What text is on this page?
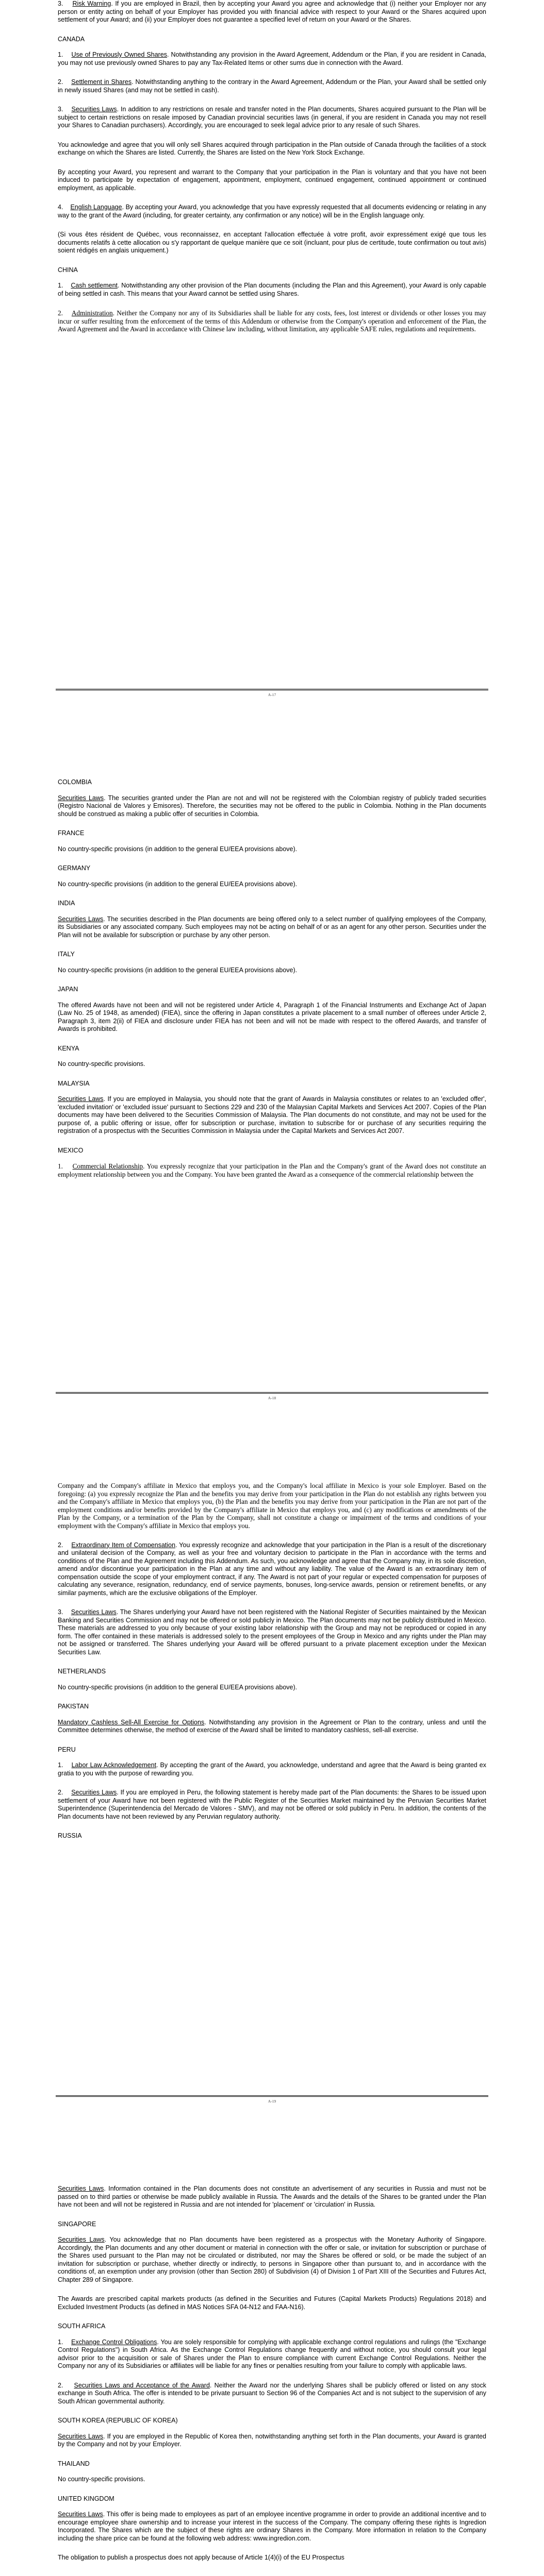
3. Risk Warning. If you are employed in Brazil, then by accepting your Award you agree and acknowledge that (i) neither your Employer nor any person or entity acting on behalf of your Employer has provided you with financial advice with respect to your Award or the Shares acquired upon settlement of your Award; and (ii) your Employer does not guarantee a specified level of return on your Award or the Shares.

CANADA

1. Use of Previously Owned Shares. Notwithstanding any provision in the Award Agreement, Addendum or the Plan, if you are resident in Canada, you may not use previously owned Shares to pay any Tax-Related Items or other sums due in connection with the Award.

2. Settlement in Shares. Notwithstanding anything to the contrary in the Award Agreement, Addendum or the Plan, your Award shall be settled only in newly issued Shares (and may not be settled in cash).

3. Securities Laws. In addition to any restrictions on resale and transfer noted in the Plan documents, Shares acquired pursuant to the Plan will be subject to certain restrictions on resale imposed by Canadian provincial securities laws (in general, if you are resident in Canada you may not resell your Shares to Canadian purchasers). Accordingly, you are encouraged to seek legal advice prior to any resale of such Shares.

You acknowledge and agree that you will only sell Shares acquired through participation in the Plan outside of Canada through the facilities of a stock exchange on which the Shares are listed. Currently, the Shares are listed on the New York Stock Exchange.

By accepting your Award, you represent and warrant to the Company that your participation in the Plan is voluntary and that you have not been induced to participate by expectation of engagement, appointment, employment, continued engagement, continued appointment or continued employment, as applicable.

4. English Language. By accepting your Award, you acknowledge that you have expressly requested that all documents evidencing or relating in any way to the grant of the Award (including, for greater certainty, any confirmation or any notice) will be in the English language only.

(Si vous êtes résident de Québec, vous reconnaissez, en acceptant l'allocation effectuée à votre profit, avoir expressément exigé que tous les documents relatifs à cette allocation ou s'y rapportant de quelque manière que ce soit (incluant, pour plus de certitude, toute confirmation ou tout avis) soient rédigés en anglais uniquement.)

CHINA

1. Cash settlement. Notwithstanding any other provision of the Plan documents (including the Plan and this Agreement), your Award is only capable of being settled in cash. This means that your Award cannot be settled using Shares.

2. Administration. Neither the Company nor any of its Subsidiaries shall be liable for any costs, fees, lost interest or dividends or other losses you may incur or suffer resulting from the enforcement of the terms of this Addendum or otherwise from the Company's operation and enforcement of the Plan, the Award Agreement and the Award in accordance with Chinese law including, without limitation, any applicable SAFE rules, regulations and requirements.

A-17

COLOMBIA

Securities Laws. The securities granted under the Plan are not and will not be registered with the Colombian registry of publicly traded securities (Registro Nacional de Valores y Emisores). Therefore, the securities may not be offered to the public in Colombia. Nothing in the Plan documents should be construed as making a public offer of securities in Colombia.

FRANCE

No country-specific provisions (in addition to the general EU/EEA provisions above).

GERMANY

No country-specific provisions (in addition to the general EU/EEA provisions above).

INDIA

Securities Laws. The securities described in the Plan documents are being offered only to a select number of qualifying employees of the Company, its Subsidiaries or any associated company. Such employees may not be acting on behalf of or as an agent for any other person. Securities under the Plan will not be available for subscription or purchase by any other person.

ITALY

No country-specific provisions (in addition to the general EU/EEA provisions above).

JAPAN

The offered Awards have not been and will not be registered under Article 4, Paragraph 1 of the Financial Instruments and Exchange Act of Japan (Law No. 25 of 1948, as amended) (FIEA), since the offering in Japan constitutes a private placement to a small number of offerees under Article 2, Paragraph 3, item 2(ii) of FIEA and disclosure under FIEA has not been and will not be made with respect to the offered Awards, and transfer of Awards is prohibited.

KENYA

No country-specific provisions.

MALAYSIA

Securities Laws. If you are employed in Malaysia, you should note that the grant of Awards in Malaysia constitutes or relates to an 'excluded offer', 'excluded invitation' or 'excluded issue' pursuant to Sections 229 and 230 of the Malaysian Capital Markets and Services Act 2007. Copies of the Plan documents may have been delivered to the Securities Commission of Malaysia. The Plan documents do not constitute, and may not be used for the purpose of, a public offering or issue, offer for subscription or purchase, invitation to subscribe for or purchase of any securities requiring the registration of a prospectus with the Securities Commission in Malaysia under the Capital Markets and Services Act 2007.

MEXICO

1. Commercial Relationship. You expressly recognize that your participation in the Plan and the Company's grant of the Award does not constitute an employment relationship between you and the Company. You have been granted the Award as a consequence of the commercial relationship between the

A-18

Company and the Company's affiliate in Mexico that employs you, and the Company's local affiliate in Mexico is your sole Employer. Based on the foregoing: (a) you expressly recognize the Plan and the benefits you may derive from your participation in the Plan do not establish any rights between you and the Company's affiliate in Mexico that employs you, (b) the Plan and the benefits you may derive from your participation in the Plan are not part of the employment conditions and/or benefits provided by the Company's affiliate in Mexico that employs you, and (c) any modifications or amendments of the Plan by the Company, or a termination of the Plan by the Company, shall not constitute a change or impairment of the terms and conditions of your employment with the Company's affiliate in Mexico that employs you.

2. Extraordinary Item of Compensation. You expressly recognize and acknowledge that your participation in the Plan is a result of the discretionary and unilateral decision of the Company, as well as your free and voluntary decision to participate in the Plan in accordance with the terms and conditions of the Plan and the Agreement including this Addendum. As such, you acknowledge and agree that the Company may, in its sole discretion, amend and/or discontinue your participation in the Plan at any time and without any liability. The value of the Award is an extraordinary item of compensation outside the scope of your employment contract, if any. The Award is not part of your regular or expected compensation for purposes of calculating any severance, resignation, redundancy, end of service payments, bonuses, long-service awards, pension or retirement benefits, or any similar payments, which are the exclusive obligations of the Employer.

3. Securities Laws. The Shares underlying your Award have not been registered with the National Register of Securities maintained by the Mexican Banking and Securities Commission and may not be offered or sold publicly in Mexico. The Plan documents may not be publicly distributed in Mexico. These materials are addressed to you only because of your existing labor relationship with the Group and may not be reproduced or copied in any form. The offer contained in these materials is addressed solely to the present employees of the Group in Mexico and any rights under the Plan may not be assigned or transferred. The Shares underlying your Award will be offered pursuant to a private placement exception under the Mexican Securities Law.

NETHERLANDS

No country-specific provisions (in addition to the general EU/EEA provisions above).

PAKISTAN

Mandatory Cashless Sell-All Exercise for Options. Notwithstanding any provision in the Agreement or Plan to the contrary, unless and until the Committee determines otherwise, the method of exercise of the Award shall be limited to mandatory cashless, sell-all exercise.

PERU

1. Labor Law Acknowledgement. By accepting the grant of the Award, you acknowledge, understand and agree that the Award is being granted ex gratia to you with the purpose of rewarding you.

2. Securities Laws. If you are employed in Peru, the following statement is hereby made part of the Plan documents: the Shares to be issued upon settlement of your Award have not been registered with the Public Register of the Securities Market maintained by the Peruvian Securities Market Superintendence (Superintendencia del Mercado de Valores - SMV), and may not be offered or sold publicly in Peru. In addition, the contents of the Plan documents have not been reviewed by any Peruvian regulatory authority.

RUSSIA

A-19

Securities Laws. Information contained in the Plan documents does not constitute an advertisement of any securities in Russia and must not be passed on to third parties or otherwise be made publicly available in Russia. The Awards and the details of the Shares to be granted under the Plan have not been and will not be registered in Russia and are not intended for 'placement' or 'circulation' in Russia.

SINGAPORE

Securities Laws. You acknowledge that no Plan documents have been registered as a prospectus with the Monetary Authority of Singapore. Accordingly, the Plan documents and any other document or material in connection with the offer or sale, or invitation for subscription or purchase of the Shares used pursuant to the Plan may not be circulated or distributed, nor may the Shares be offered or sold, or be made the subject of an invitation for subscription or purchase, whether directly or indirectly, to persons in Singapore other than pursuant to, and in accordance with the conditions of, an exemption under any provision (other than Section 280) of Subdivision (4) of Division 1 of Part XIII of the Securities and Futures Act, Chapter 289 of Singapore.

The Awards are prescribed capital markets products (as defined in the Securities and Futures (Capital Markets Products) Regulations 2018) and Excluded Investment Products (as defined in MAS Notices SFA 04-N12 and FAA-N16).

SOUTH AFRICA

1. Exchange Control Obligations. You are solely responsible for complying with applicable exchange control regulations and rulings (the "Exchange Control Regulations") in South Africa. As the Exchange Control Regulations change frequently and without notice, you should consult your legal advisor prior to the acquisition or sale of Shares under the Plan to ensure compliance with current Exchange Control Regulations. Neither the Company nor any of its Subsidiaries or affiliates will be liable for any fines or penalties resulting from your failure to comply with applicable laws.

2. Securities Laws and Acceptance of the Award. Neither the Award nor the underlying Shares shall be publicly offered or listed on any stock exchange in South Africa. The offer is intended to be private pursuant to Section 96 of the Companies Act and is not subject to the supervision of any South African governmental authority.

SOUTH KOREA (REPUBLIC OF KOREA)

Securities Laws. If you are employed in the Republic of Korea then, notwithstanding anything set forth in the Plan documents, your Award is granted by the Company and not by your Employer.

THAILAND

No country-specific provisions.

UNITED KINGDOM

Securities Laws. This offer is being made to employees as part of an employee incentive programme in order to provide an additional incentive and to encourage employee share ownership and to increase your interest in the success of the Company. The company offering these rights is Ingredion Incorporated. The Shares which are the subject of these rights are ordinary Shares in the Company. More information in relation to the Company including the share price can be found at the following web address: www.ingredion.com.

The obligation to publish a prospectus does not apply because of Article 1(4)(i) of the EU Prospectus
